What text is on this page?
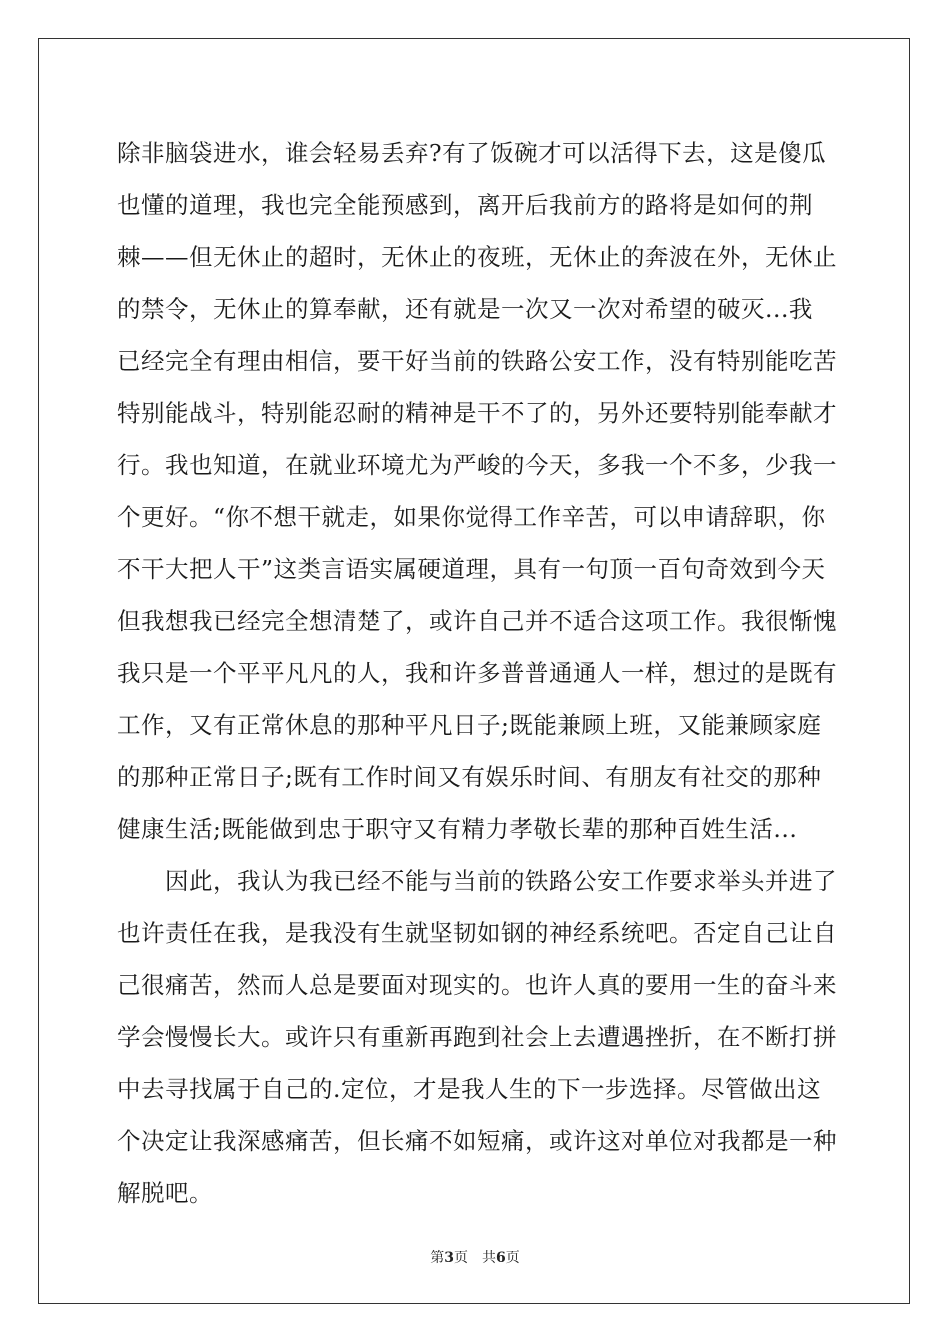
除非脑袋进水，谁会轻易丢弃?有了饭碗才可以活得下去，这是傻瓜
也懂的道理，我也完全能预感到，离开后我前方的路将是如何的荆
棘——但无休止的超时，无休止的夜班，无休止的奔波在外，无休止
的禁令，无休止的算奉献，还有就是一次又一次对希望的破灭...我
已经完全有理由相信，要干好当前的铁路公安工作，没有特别能吃苦
特别能战斗，特别能忍耐的精神是干不了的，另外还要特别能奉献才
行。我也知道，在就业环境尤为严峻的今天，多我一个不多，少我一
个更好。“你不想干就走，如果你觉得工作辛苦，可以申请辞职，你
不干大把人干”这类言语实属硬道理，具有一句顶一百句奇效到今天
但我想我已经完全想清楚了，或许自己并不适合这项工作。我很惭愧
我只是一个平平凡凡的人，我和许多普普通通人一样，想过的是既有
工作，又有正常休息的那种平凡日子;既能兼顾上班，又能兼顾家庭
的那种正常日子;既有工作时间又有娱乐时间、有朋友有社交的那种
健康生活;既能做到忠于职守又有精力孝敬长辈的那种百姓生活...
因此，我认为我已经不能与当前的铁路公安工作要求举头并进了
也许责任在我，是我没有生就坚韧如钢的神经系统吧。否定自己让自
己很痛苦，然而人总是要面对现实的。也许人真的要用一生的奋斗来
学会慢慢长大。或许只有重新再跑到社会上去遭遇挫折，在不断打拼
中去寻找属于自己的.定位，才是我人生的下一步选择。尽管做出这
个决定让我深感痛苦，但长痛不如短痛，或许这对单位对我都是一种
解脱吧。
第3页 共6页
